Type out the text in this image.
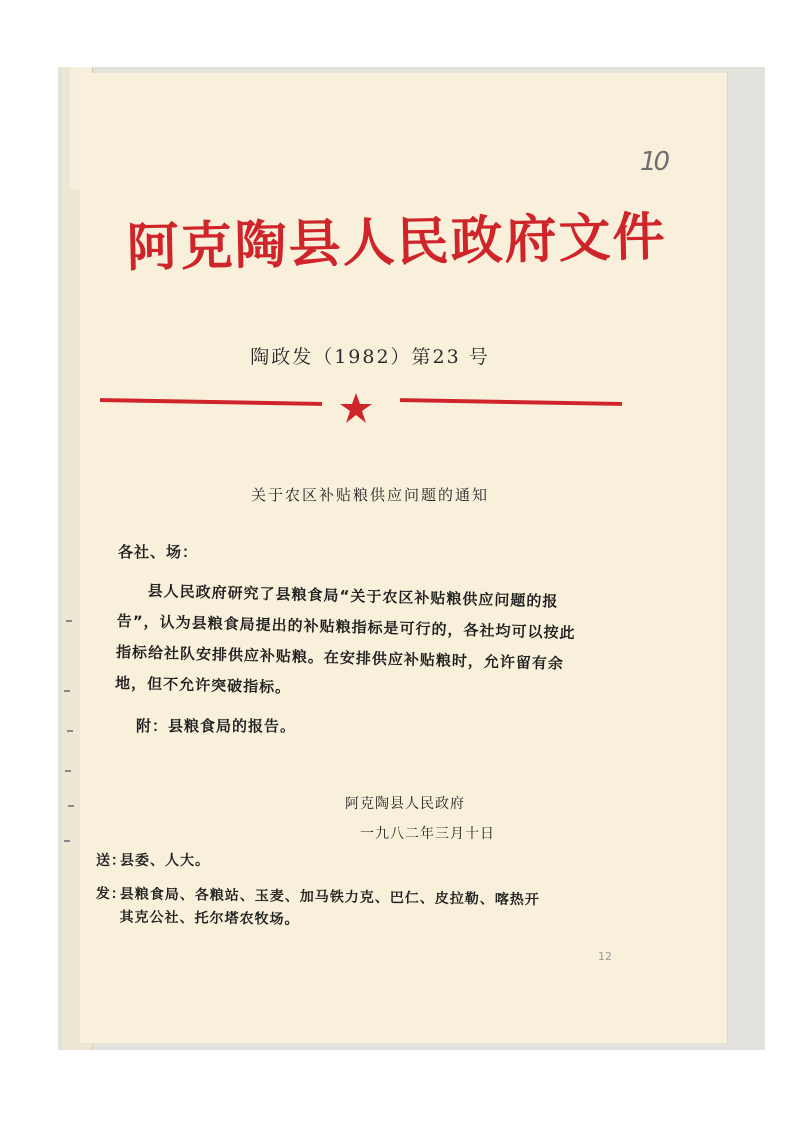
10
阿克陶县人民政府文件
陶政发（1982）第23 号
关于农区补贴粮供应问题的通知
各社、场：
县人民政府研究了县粮食局“关于农区补贴粮供应问题的报告”，认为县粮食局提出的补贴粮指标是可行的，各社均可以按此指标给社队安排供应补贴粮。在安排供应补贴粮时，允许留有余地，但不允许突破指标。
附：县粮食局的报告。
阿克陶县人民政府
一九八二年三月十日
送：县委、人大。
发：县粮食局、各粮站、玉麦、加马铁力克、巴仁、皮拉勒、喀热开
其克公社、托尔塔农牧场。
12
